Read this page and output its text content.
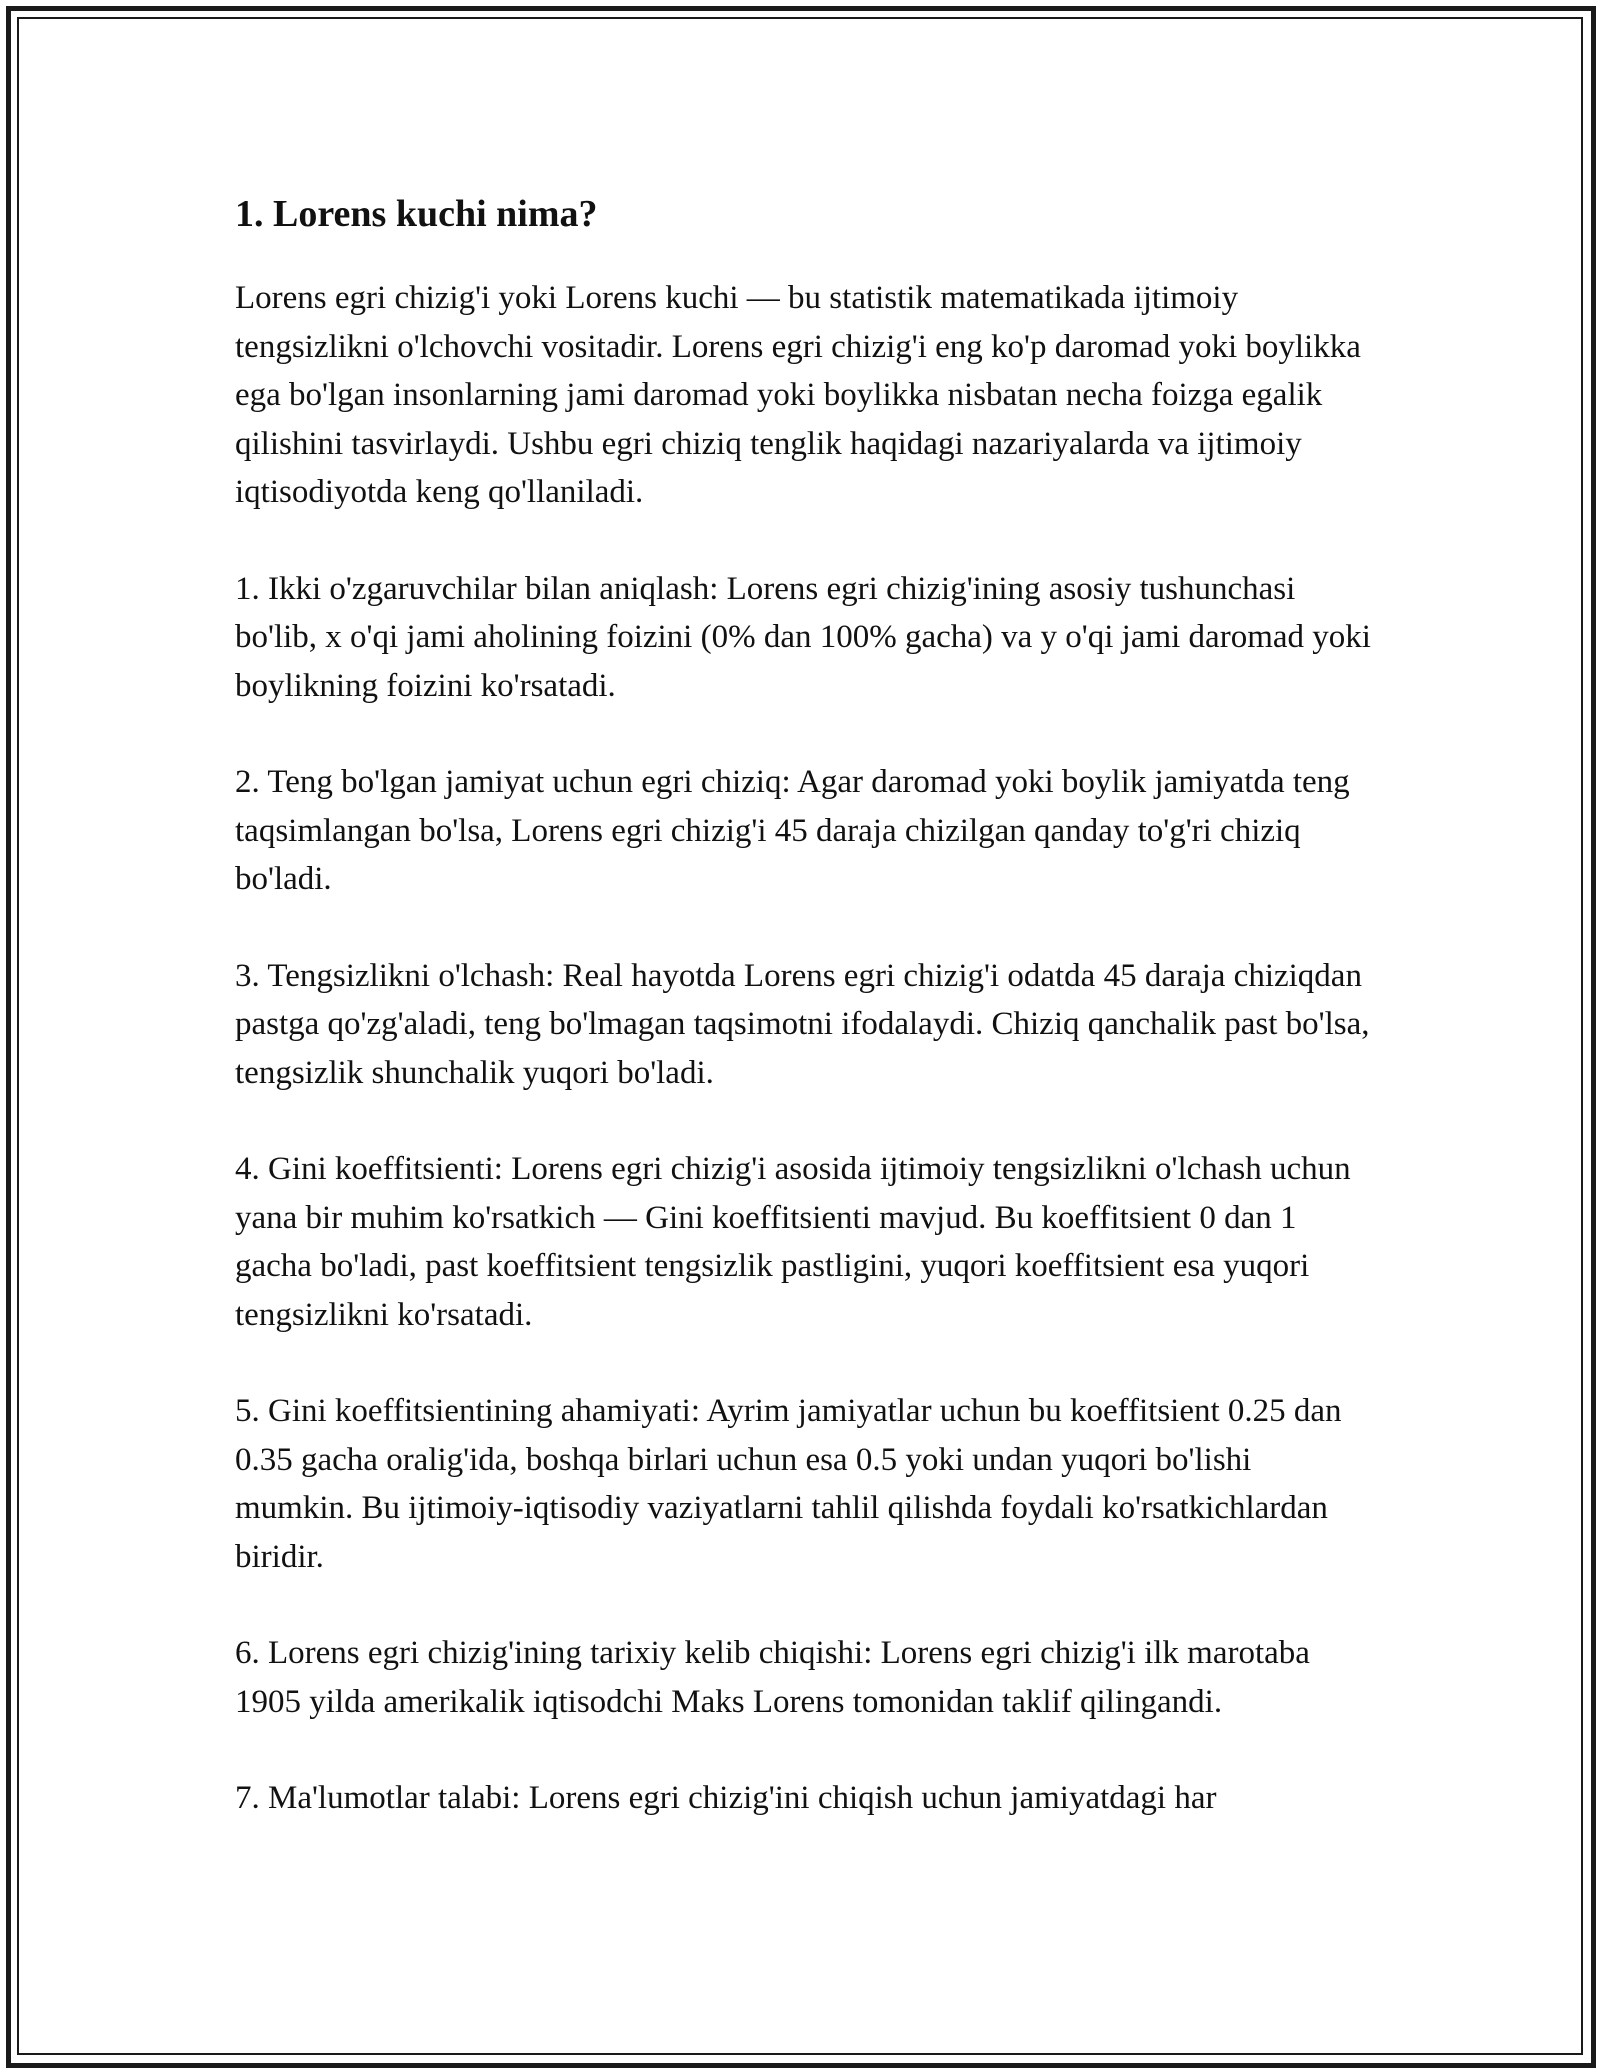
1. Lorens kuchi nima?

Lorens egri chizig'i yoki Lorens kuchi — bu statistik matematikada ijtimoiy tengsizlikni o'lchovchi vositadir. Lorens egri chizig'i eng ko'p daromad yoki boylikka ega bo'lgan insonlarning jami daromad yoki boylikka nisbatan necha foizga egalik qilishini tasvirlaydi. Ushbu egri chiziq tenglik haqidagi nazariyalarda va ijtimoiy iqtisodiyotda keng qo'llaniladi.

1. Ikki o'zgaruvchilar bilan aniqlash: Lorens egri chizig'ining asosiy tushunchasi bo'lib, x o'qi jami aholining foizini (0% dan 100% gacha) va y o'qi jami daromad yoki boylikning foizini ko'rsatadi.

2. Teng bo'lgan jamiyat uchun egri chiziq: Agar daromad yoki boylik jamiyatda teng taqsimlangan bo'lsa, Lorens egri chizig'i 45 daraja chizilgan qanday to'g'ri chiziq bo'ladi.

3. Tengsizlikni o'lchash: Real hayotda Lorens egri chizig'i odatda 45 daraja chiziqdan pastga qo'zg'aladi, teng bo'lmagan taqsimotni ifodalaydi. Chiziq qanchalik past bo'lsa, tengsizlik shunchalik yuqori bo'ladi.

4. Gini koeffitsienti: Lorens egri chizig'i asosida ijtimoiy tengsizlikni o'lchash uchun yana bir muhim ko'rsatkich — Gini koeffitsienti mavjud. Bu koeffitsient 0 dan 1 gacha bo'ladi, past koeffitsient tengsizlik pastligini, yuqori koeffitsient esa yuqori tengsizlikni ko'rsatadi.

5. Gini koeffitsientining ahamiyati: Ayrim jamiyatlar uchun bu koeffitsient 0.25 dan 0.35 gacha oralig'ida, boshqa birlari uchun esa 0.5 yoki undan yuqori bo'lishi mumkin. Bu ijtimoiy-iqtisodiy vaziyatlarni tahlil qilishda foydali ko'rsatkichlardan biridir.

6. Lorens egri chizig'ining tarixiy kelib chiqishi: Lorens egri chizig'i ilk marotaba 1905 yilda amerikalik iqtisodchi Maks Lorens tomonidan taklif qilingandi.

7. Ma'lumotlar talabi: Lorens egri chizig'ini chiqish uchun jamiyatdagi har
